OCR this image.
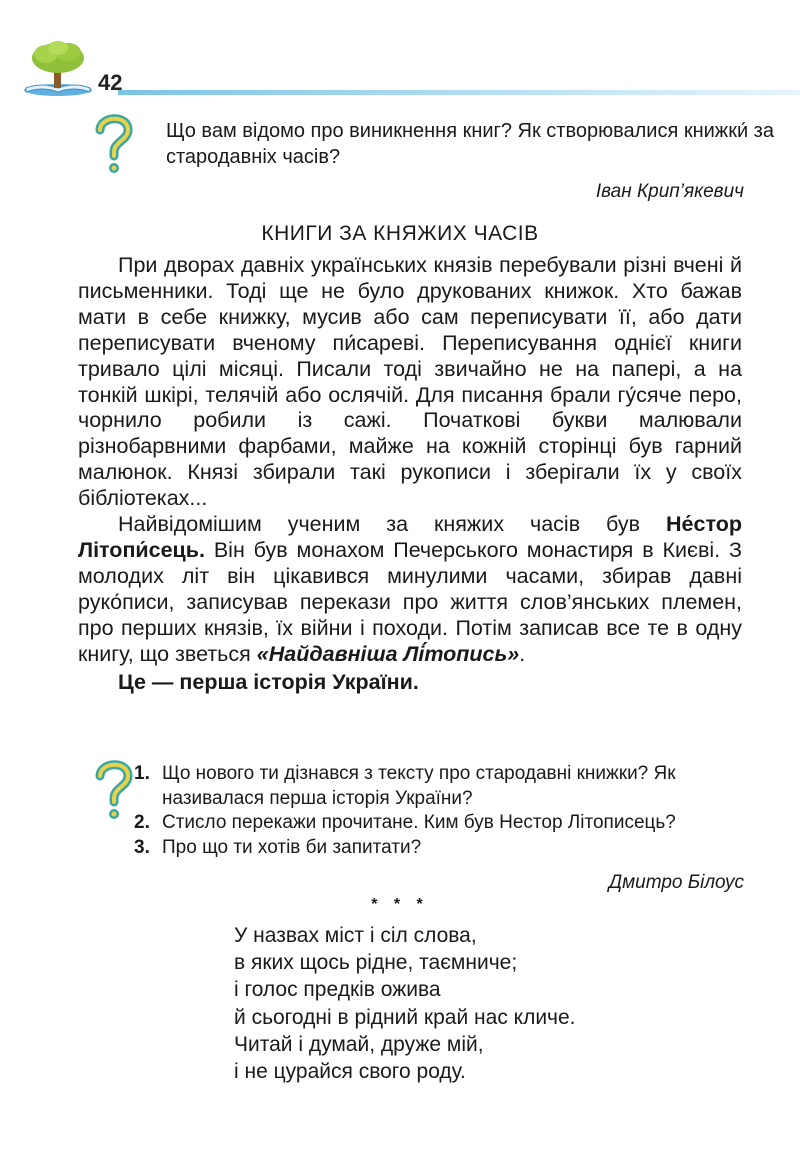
42
Що вам відомо про виникнення книг? Як створювалися книжки́ за стародавніх часів?
Іван Крип’якевич
КНИГИ ЗА КНЯЖИХ ЧАСІВ

При дворах давніх українських князів перебували різні вчені й письменники. Тоді ще не було друкованих книжок. Хто бажав мати в себе книжку, мусив або сам переписувати її, або дати переписувати вченому пи́сареві. Переписування однієї книги тривало цілі місяці. Писали тоді звичайно не на папері, а на тонкій шкірі, телячій або ослячій. Для писання брали гу́сяче перо, чорнило робили із сажі. Початкові букви малювали різнобарвними фарбами, майже на кожній сторінці був гарний малюнок. Князі збирали такі рукописи і зберігали їх у своїх бібліотеках...

Найвідомішим ученим за княжих часів був Не́стор Літопи́сець. Він був монахом Печерського монастиря в Києві. З молодих літ він цікавився минулими часами, збирав давні руко́писи, записував перекази про життя слов’янських племен, про перших князів, їх війни і походи. Потім записав все те в одну книгу, що зветься «Найдавніша Лі́топись».

Це — перша історія України.

1. Що нового ти дізнався з тексту про стародавні книжки? Як називалася перша історія України?
2. Стисло перекажи прочитане. Ким був Нестор Літописець?
3. Про що ти хотів би запитати?
Дмитро Білоус
* * *
У назвах міст і сіл слова,
в яких щось рідне, таємниче;
і голос предків ожива
й сьогодні в рідний край нас кличе.
Читай і думай, друже мій,
і не цурайся свого роду.
